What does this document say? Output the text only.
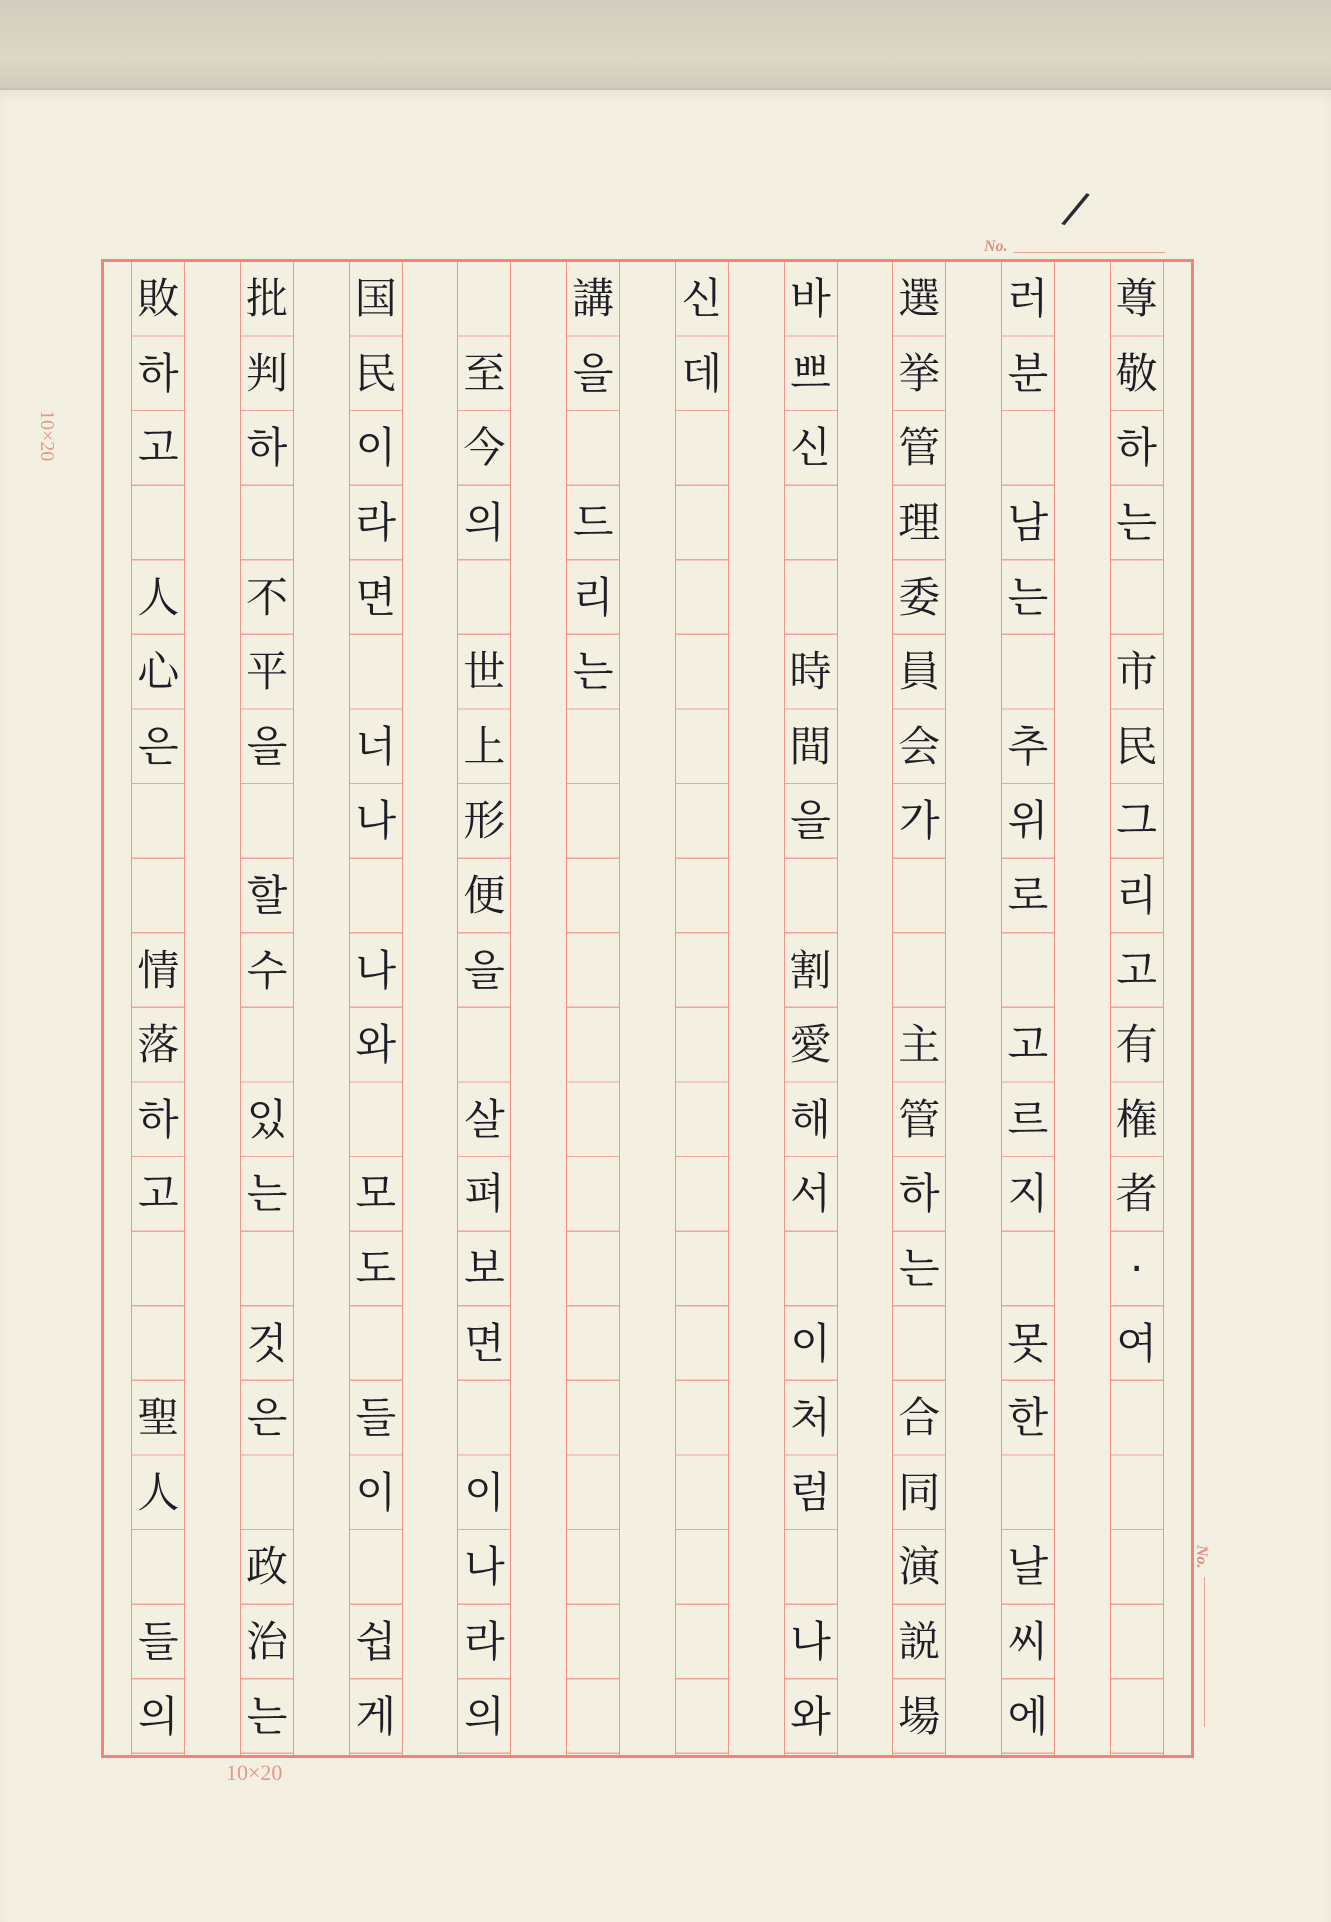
/
No.
No.
10×20
10×20
尊
敬
하
는
市
民
그
리
고
有
権
者
·
여
러
분
남
는
추
위
로
고
르
지
못
한
날
씨
에
選
挙
管
理
委
員
会
가
主
管
하
는
合
同
演
説
場
바
쁘
신
時
間
을
割
愛
해
서
이
처
럼
나
와
신
데
講
을
드
리
는
至
今
의
世
上
形
便
을
살
펴
보
면
이
나
라
의
国
民
이
라
면
너
나
나
와
모
도
들
이
쉽
게
批
判
하
不
平
을
할
수
있
는
것
은
政
治
는
敗
하
고
人
心
은
情
落
하
고
聖
人
들
의
